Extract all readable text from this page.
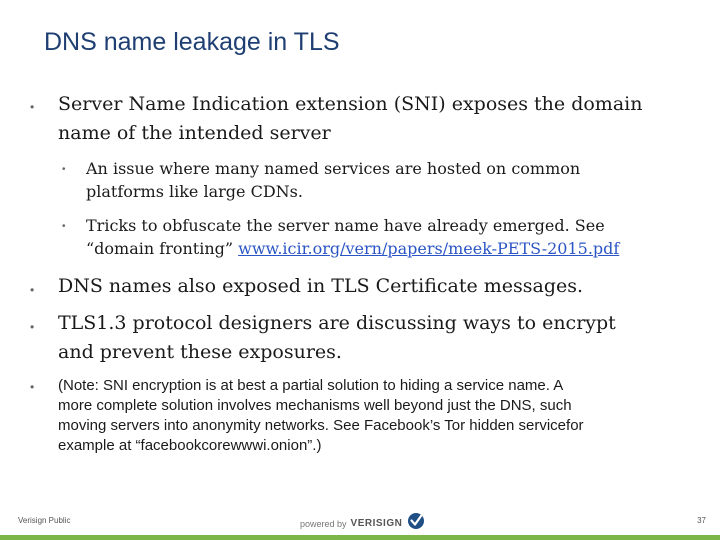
DNS name leakage in TLS
• Server Name Indication extension (SNI) exposes the domain
name of the intended server
• An issue where many named services are hosted on common
platforms like large CDNs.
• Tricks to obfuscate the server name have already emerged. See
“domain fronting” www.icir.org/vern/papers/meek-PETS-2015.pdf
• DNS names also exposed in TLS Certificate messages.
• TLS1.3 protocol designers are discussing ways to encrypt
and prevent these exposures.
• (Note: SNI encryption is at best a partial solution to hiding a service name. A
more complete solution involves mechanisms well beyond just the DNS, such
moving servers into anonymity networks. See Facebook’s Tor hidden servicefor
example at “facebookcorewwwi.onion”.)
Verisign Public	powered by VERISIGN	37
